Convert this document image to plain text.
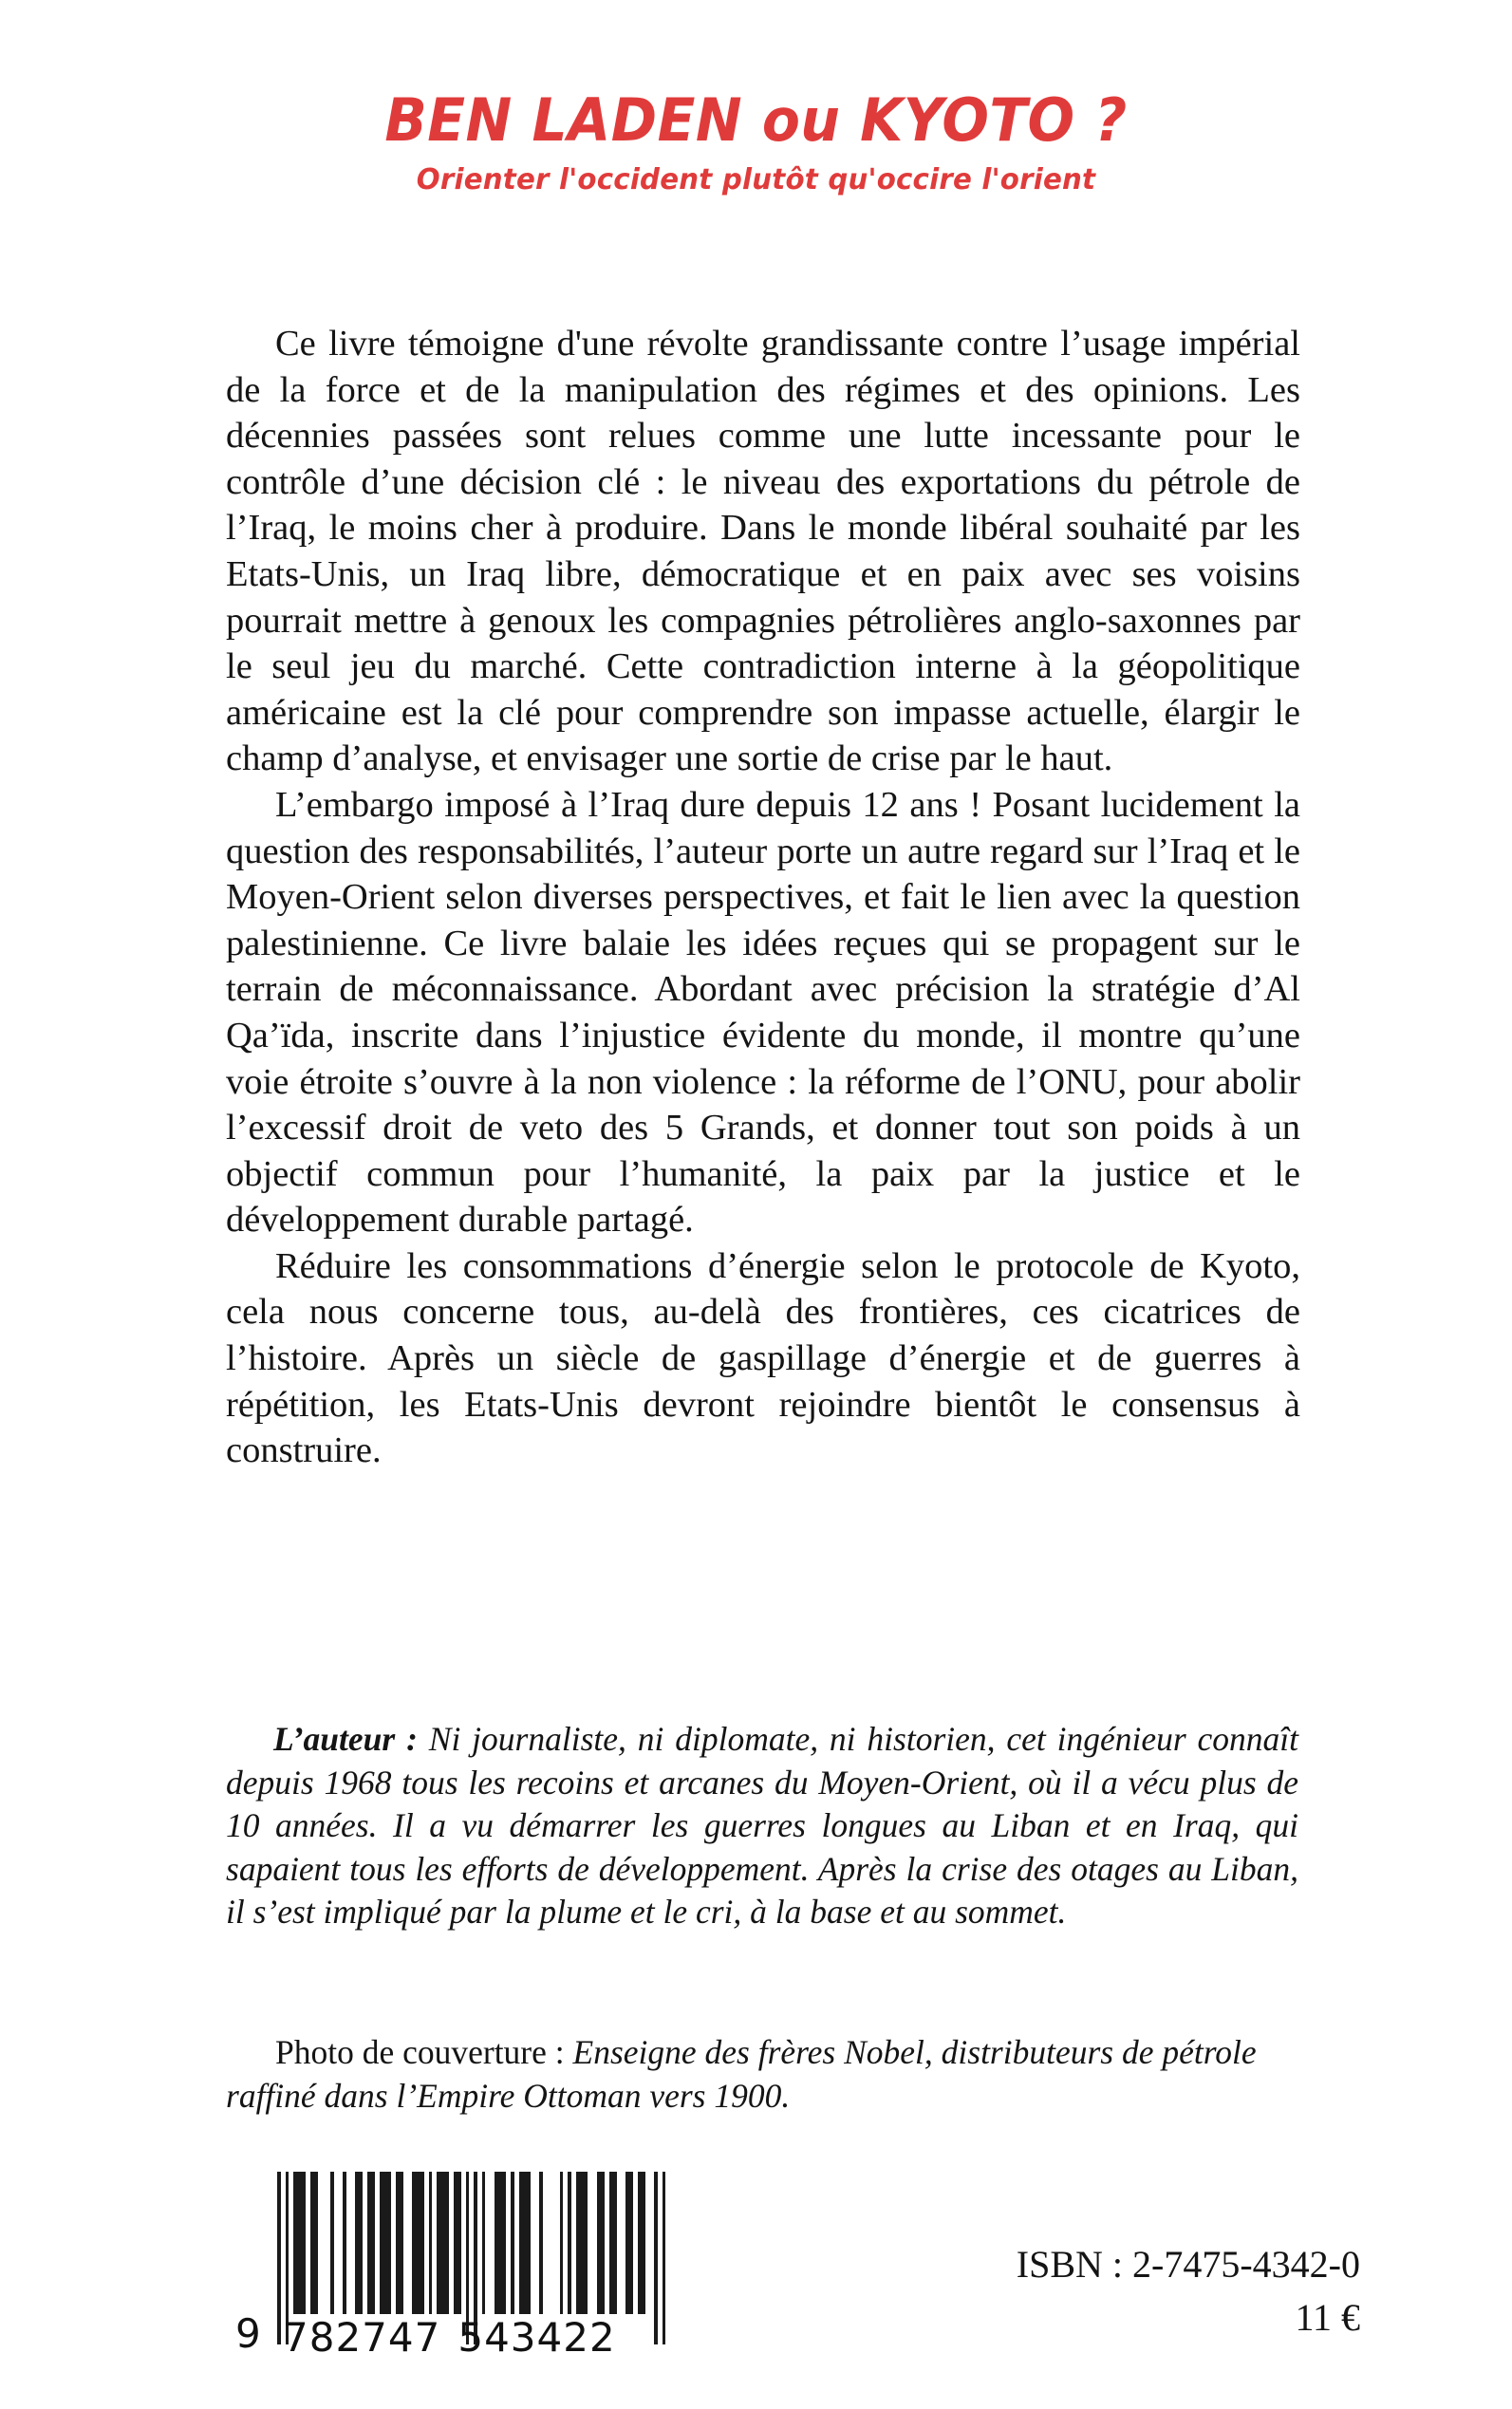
BEN LADEN ou KYOTO ?
Orienter l'occident plutôt qu'occire l'orient

Ce livre témoigne d'une révolte grandissante contre l’usage impérial de la force et de la manipulation des régimes et des opinions. Les décennies passées sont relues comme une lutte incessante pour le contrôle d’une décision clé : le niveau des exportations du pétrole de l’Iraq, le moins cher à produire. Dans le monde libéral souhaité par les Etats-Unis, un Iraq libre, démocratique et en paix avec ses voisins pourrait mettre à genoux les compagnies pétrolières anglo-saxonnes par le seul jeu du marché. Cette contradiction interne à la géopolitique américaine est la clé pour comprendre son impasse actuelle, élargir le champ d’analyse, et envisager une sortie de crise par le haut.

L’embargo imposé à l’Iraq dure depuis 12 ans ! Posant lucidement la question des responsabilités, l’auteur porte un autre regard sur l’Iraq et le Moyen-Orient selon diverses perspectives, et fait le lien avec la question palestinienne. Ce livre balaie les idées reçues qui se propagent sur le terrain de méconnaissance. Abordant avec précision la stratégie d’Al Qa’ïda, inscrite dans l’injustice évidente du monde, il montre qu’une voie étroite s’ouvre à la non violence : la réforme de l’ONU, pour abolir l’excessif droit de veto des 5 Grands, et donner tout son poids à un objectif commun pour l’humanité, la paix par la justice et le développement durable partagé.

Réduire les consommations d’énergie selon le protocole de Kyoto, cela nous concerne tous, au-delà des frontières, ces cicatrices de l’histoire. Après un siècle de gaspillage d’énergie et de guerres à répétition, les Etats-Unis devront rejoindre bientôt le consensus à construire.

L’auteur : Ni journaliste, ni diplomate, ni historien, cet ingénieur connaît depuis 1968 tous les recoins et arcanes du Moyen-Orient, où il a vécu plus de 10 années. Il a vu démarrer les guerres longues au Liban et en Iraq, qui sapaient tous les efforts de développement. Après la crise des otages au Liban, il s’est impliqué par la plume et le cri, à la base et au sommet.
Photo de couverture : Enseigne des frères Nobel, distributeurs de pétrole raffiné dans l’Empire Ottoman vers 1900.
9 782747 543422
ISBN : 2-7475-4342-0
11 €
